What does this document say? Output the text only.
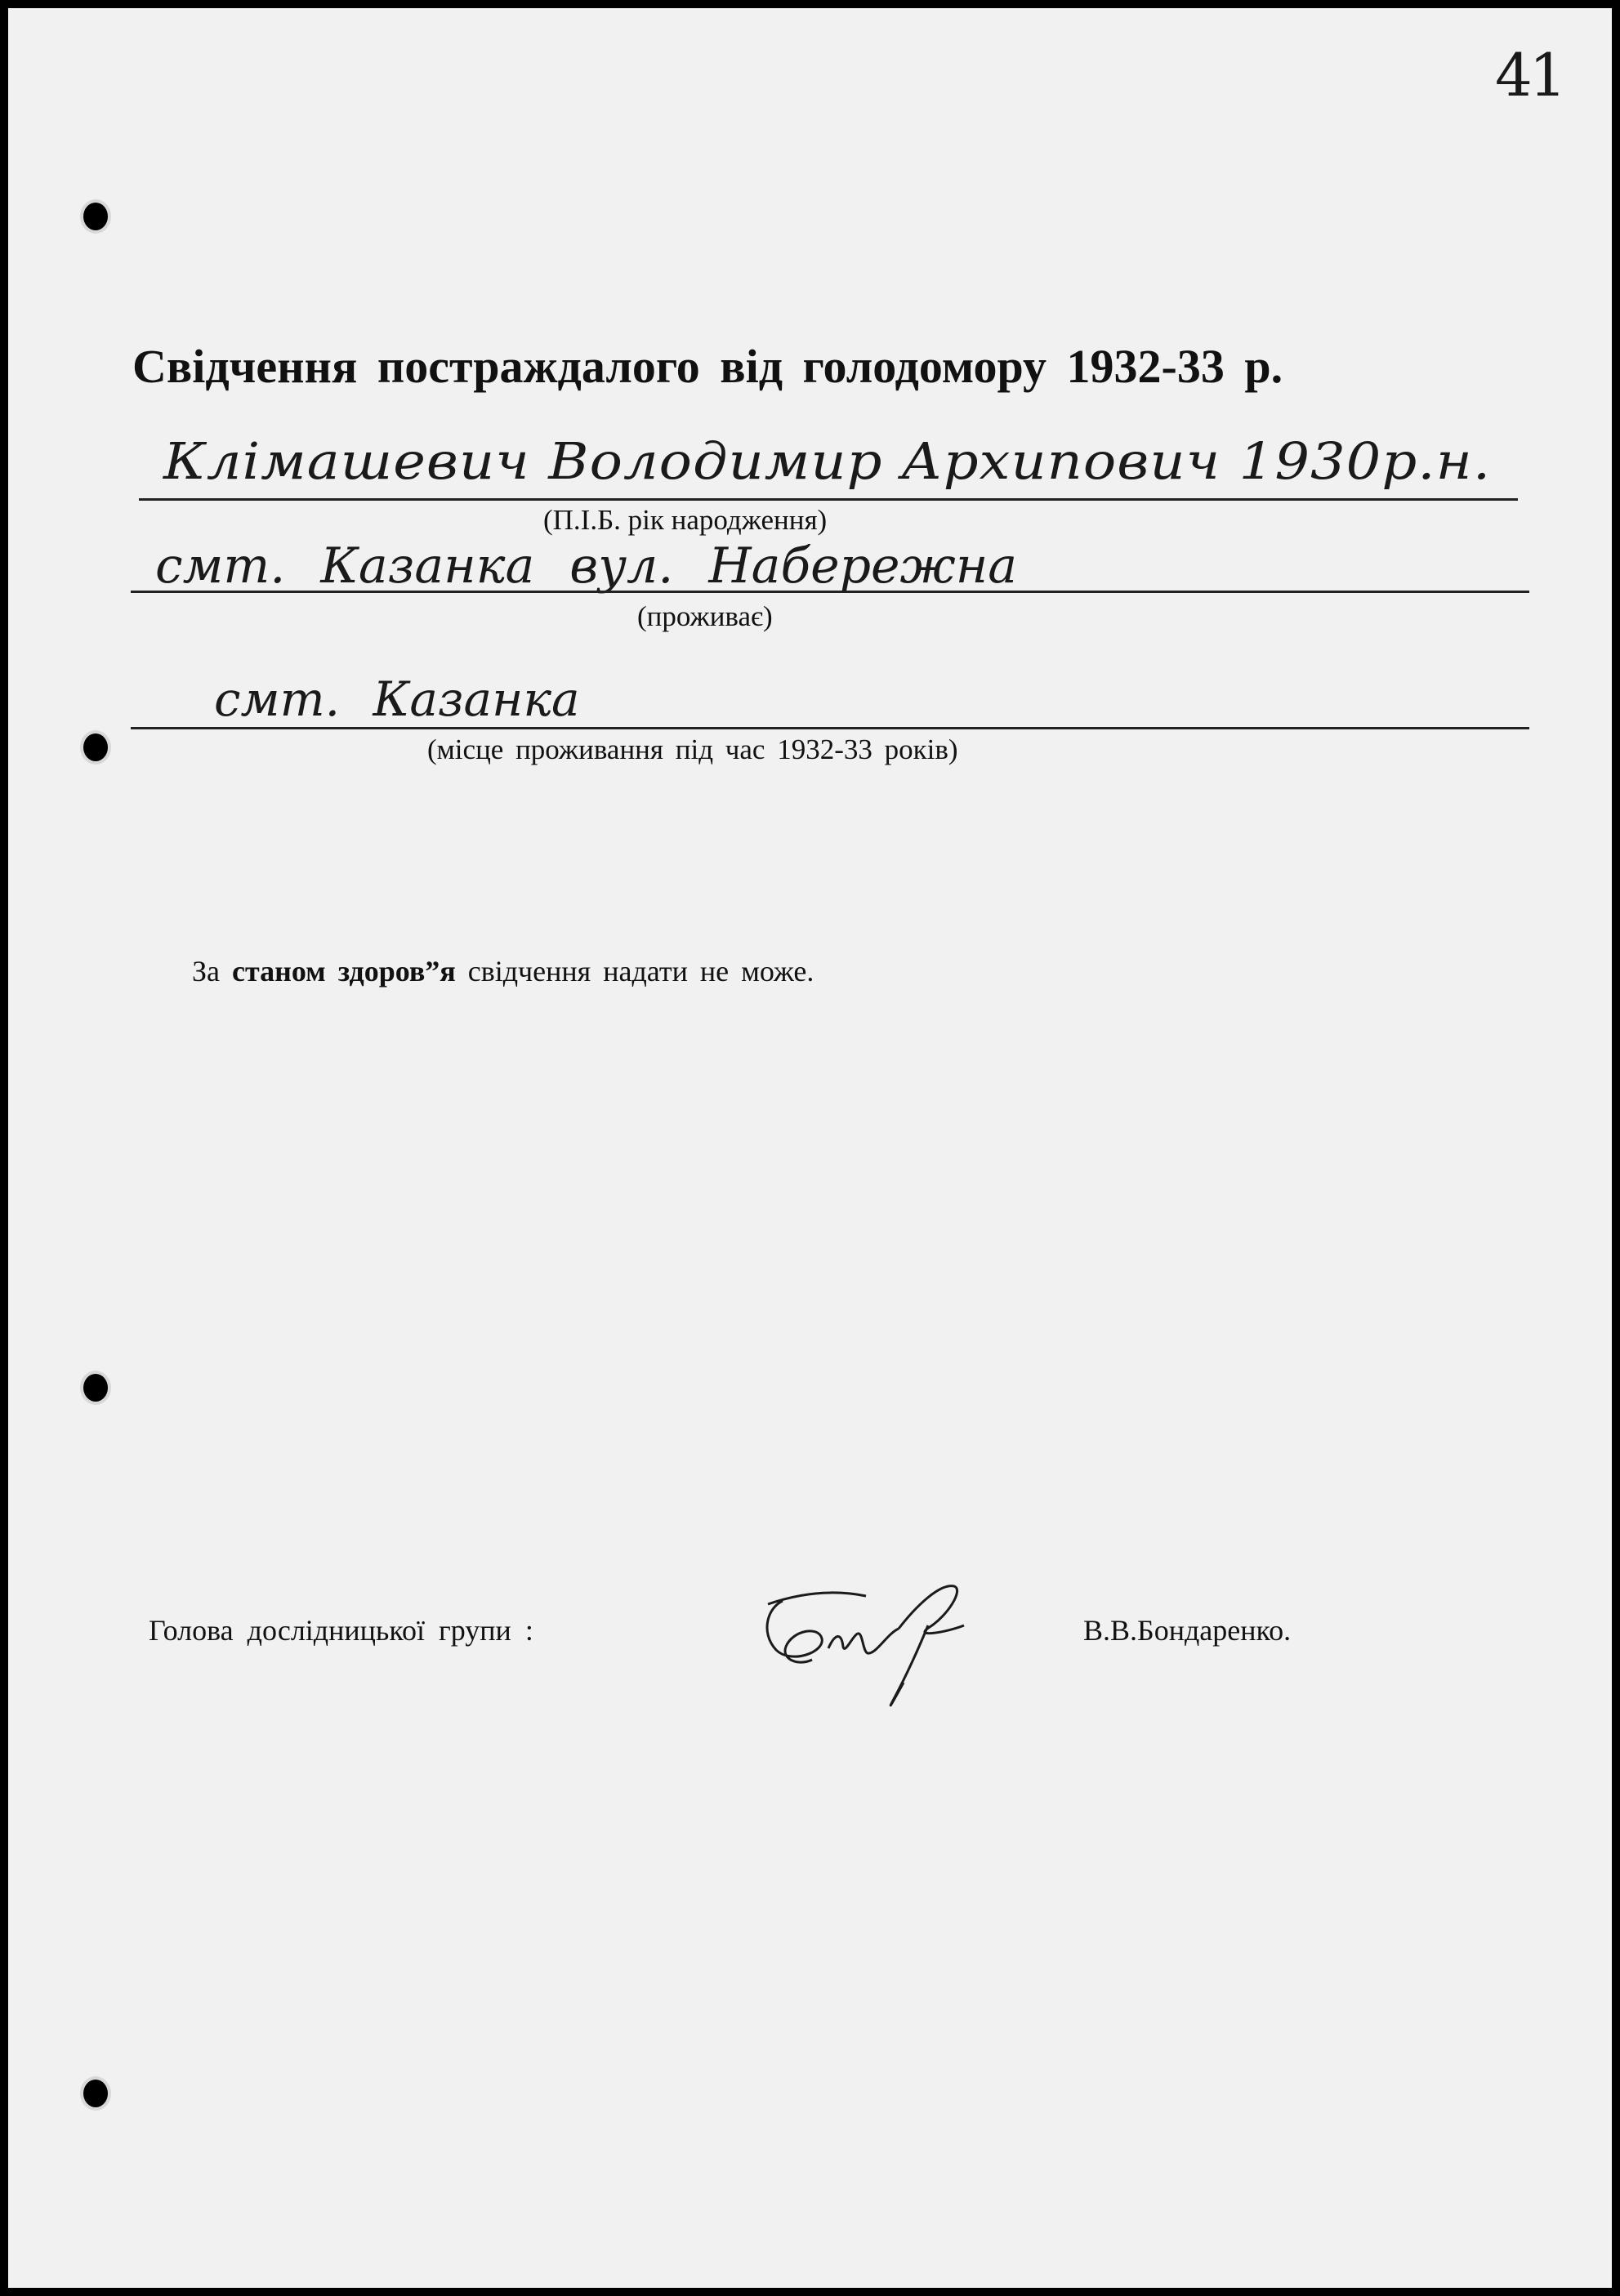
41
Свідчення постраждалого від голодомору 1932-33 р.
Клімашевич Володимир Архипович 1930р.н.
(П.І.Б. рік народження)
смт. Казанка вул. Набережна
(проживає)
смт. Казанка
(місце проживання під час 1932-33 років)
За станом здоров”я свідчення надати не може.
Голова дослідницької групи :	В.В.Бондаренко.
